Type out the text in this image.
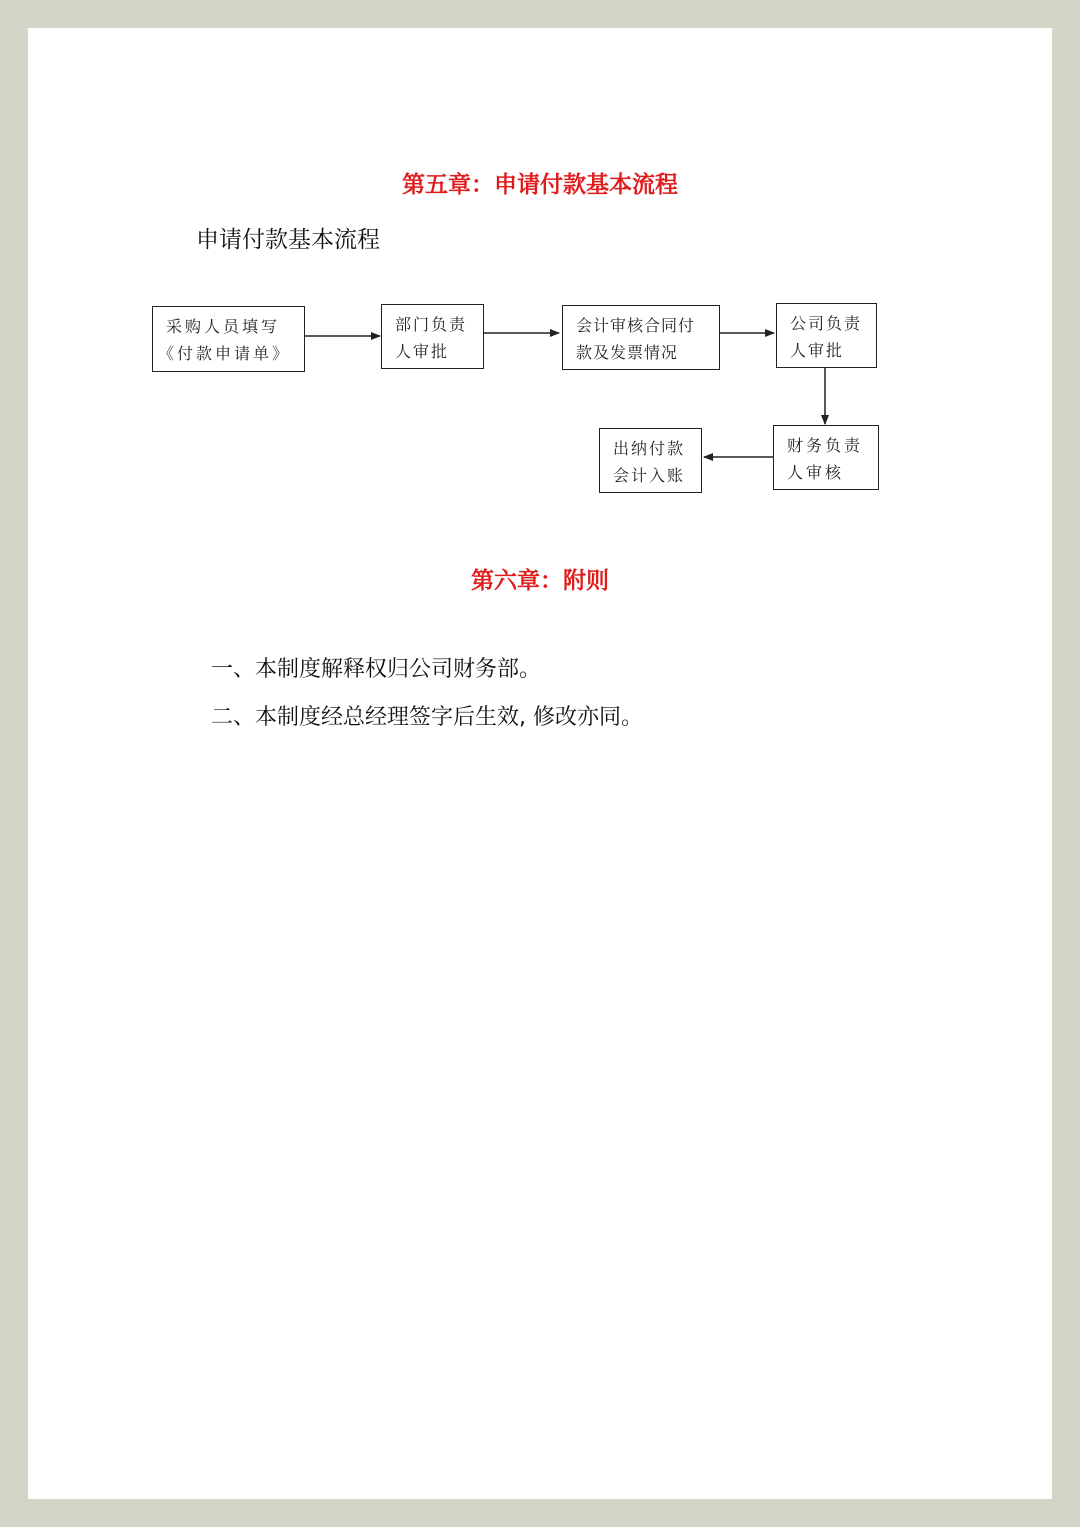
第五章：申请付款基本流程
申请付款基本流程
采购人员填写
《付款申请单》
部门负责
人审批
会计审核合同付
款及发票情况
公司负责
人审批
财务负责
人审核
出纳付款
会计入账
第六章：附则
一、本制度解释权归公司财务部。
二、本制度经总经理签字后生效, 修改亦同。
